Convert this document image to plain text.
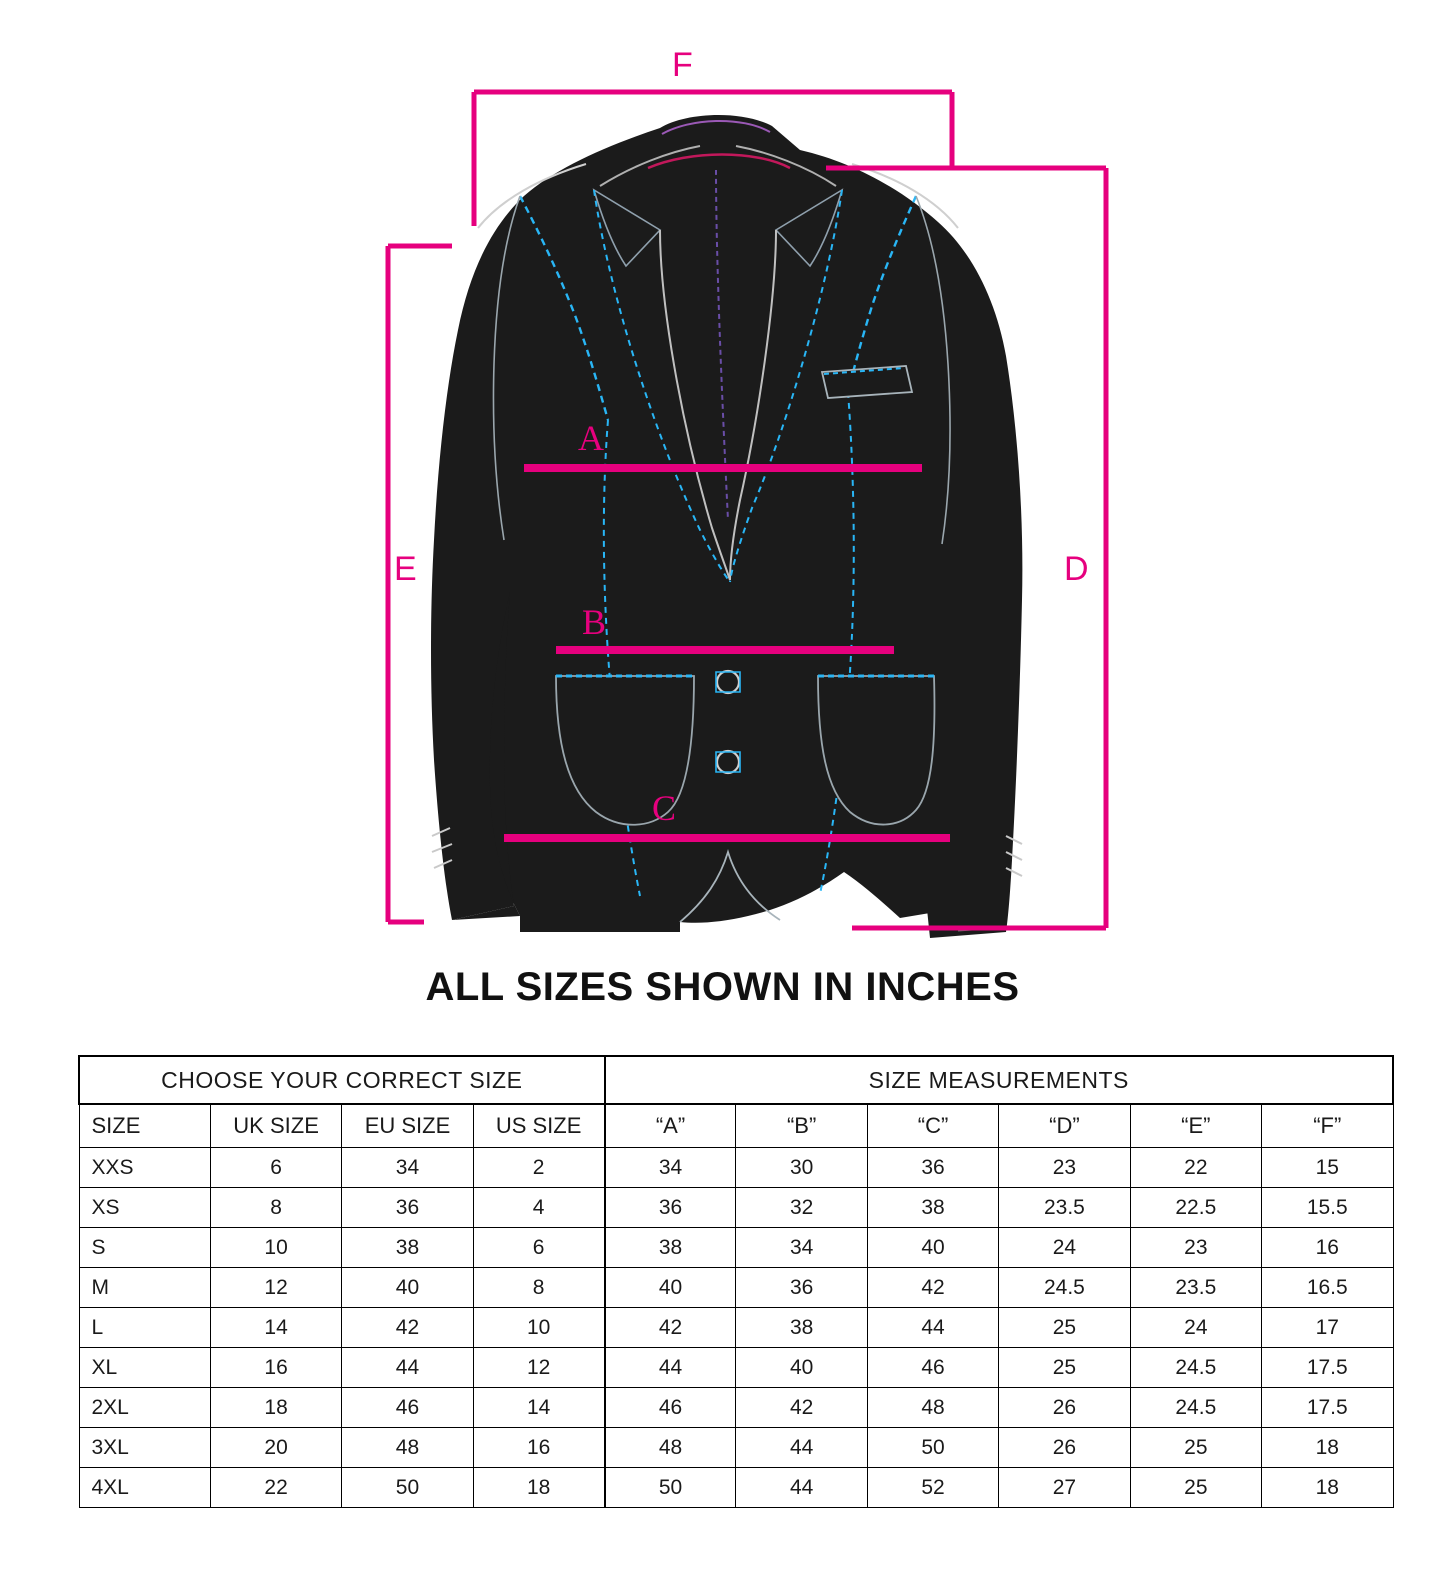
F
D
E
A
B
C
ALL SIZES SHOWN IN INCHES
CHOOSE YOUR CORRECT SIZE				SIZE MEASUREMENTS					
SIZE	UK SIZE	EU SIZE	US SIZE	“A”	“B”	“C”	“D”	“E”	“F”
XXS	6	34	2	34	30	36	23	22	15
XS	8	36	4	36	32	38	23.5	22.5	15.5
S	10	38	6	38	34	40	24	23	16
M	12	40	8	40	36	42	24.5	23.5	16.5
L	14	42	10	42	38	44	25	24	17
XL	16	44	12	44	40	46	25	24.5	17.5
2XL	18	46	14	46	42	48	26	24.5	17.5
3XL	20	48	16	48	44	50	26	25	18
4XL	22	50	18	50	44	52	27	25	18
